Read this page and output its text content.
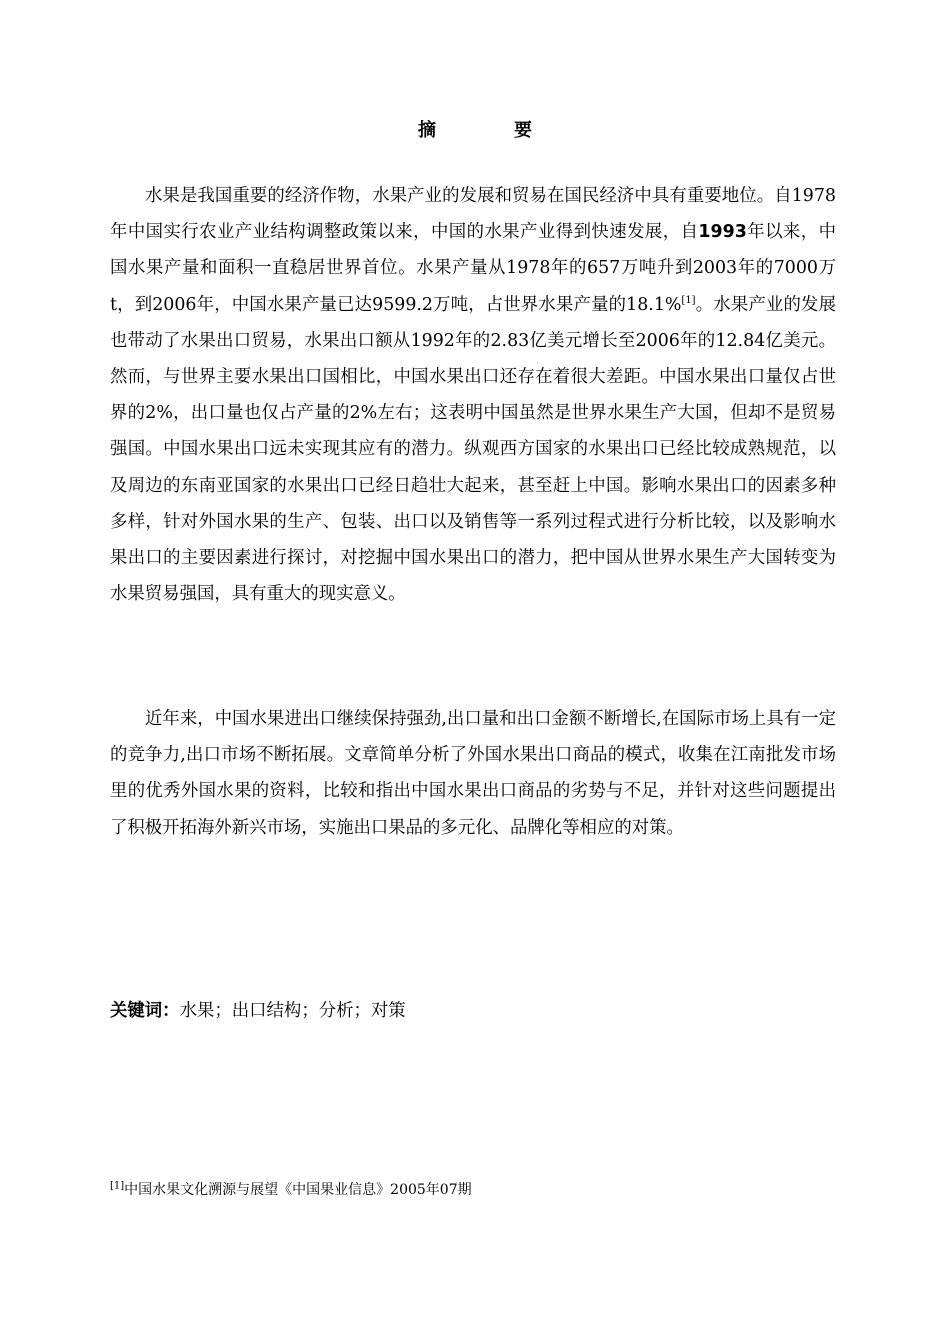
摘　要

水果是我国重要的经济作物，水果产业的发展和贸易在国民经济中具有重要地位。自1978年中国实行农业产业结构调整政策以来，中国的水果产业得到快速发展，自1993年以来，中国水果产量和面积一直稳居世界首位。水果产量从1978年的657万吨升到2003年的7000万t，到2006年，中国水果产量已达9599.2万吨，占世界水果产量的18.1%[1]。水果产业的发展也带动了水果出口贸易，水果出口额从1992年的2.83亿美元增长至2006年的12.84亿美元。然而，与世界主要水果出口国相比，中国水果出口还存在着很大差距。中国水果出口量仅占世界的2%，出口量也仅占产量的2%左右；这表明中国虽然是世界水果生产大国，但却不是贸易强国。中国水果出口远未实现其应有的潜力。纵观西方国家的水果出口已经比较成熟规范，以及周边的东南亚国家的水果出口已经日趋壮大起来，甚至赶上中国。影响水果出口的因素多种多样，针对外国水果的生产、包装、出口以及销售等一系列过程式进行分析比较，以及影响水果出口的主要因素进行探讨，对挖掘中国水果出口的潜力，把中国从世界水果生产大国转变为水果贸易强国，具有重大的现实意义。

近年来，中国水果进出口继续保持强劲,出口量和出口金额不断增长,在国际市场上具有一定的竞争力,出口市场不断拓展。文章简单分析了外国水果出口商品的模式，收集在江南批发市场里的优秀外国水果的资料，比较和指出中国水果出口商品的劣势与不足，并针对这些问题提出了积极开拓海外新兴市场，实施出口果品的多元化、品牌化等相应的对策。

关键词：水果；出口结构；分析；对策
[1]中国水果文化溯源与展望《中国果业信息》2005年07期
